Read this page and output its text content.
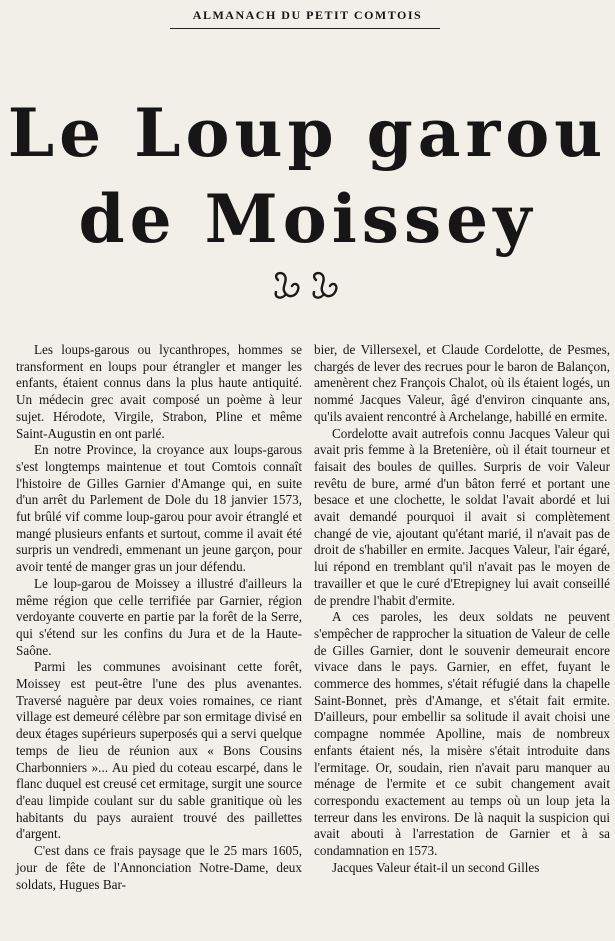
ALMANACH DU PETIT COMTOIS
Le Loup garou
de Moissey

Les loups-garous ou lycanthropes, hommes se transforment en loups pour étrangler et manger les enfants, étaient connus dans la plus haute antiquité. Un médecin grec avait composé un poème à leur sujet. Hérodote, Virgile, Strabon, Pline et même Saint-Augustin en ont parlé.

En notre Province, la croyance aux loups-garous s'est longtemps maintenue et tout Comtois connaît l'histoire de Gilles Garnier d'Amange qui, en suite d'un arrêt du Parlement de Dole du 18 janvier 1573, fut brûlé vif comme loup-garou pour avoir étranglé et mangé plusieurs enfants et surtout, comme il avait été surpris un vendredi, emmenant un jeune garçon, pour avoir tenté de manger gras un jour défendu.

Le loup-garou de Moissey a illustré d'ailleurs la même région que celle terrifiée par Garnier, région verdoyante couverte en partie par la forêt de la Serre, qui s'étend sur les confins du Jura et de la Haute-Saône.

Parmi les communes avoisinant cette forêt, Moissey est peut-être l'une des plus avenantes. Traversé naguère par deux voies romaines, ce riant village est demeuré célèbre par son ermitage divisé en deux étages supérieurs superposés qui a servi quelque temps de lieu de réunion aux « Bons Cousins Charbonniers »... Au pied du coteau escarpé, dans le flanc duquel est creusé cet ermitage, surgit une source d'eau limpide coulant sur du sable granitique où les habitants du pays auraient trouvé des paillettes d'argent.

C'est dans ce frais paysage que le 25 mars 1605, jour de fête de l'Annonciation Notre-Dame, deux soldats, Hugues Bar-

bier, de Villersexel, et Claude Cordelotte, de Pesmes, chargés de lever des recrues pour le baron de Balançon, amenèrent chez François Chalot, où ils étaient logés, un nommé Jacques Valeur, âgé d'environ cinquante ans, qu'ils avaient rencontré à Archelange, habillé en ermite.

Cordelotte avait autrefois connu Jacques Valeur qui avait pris femme à la Bretenière, où il était tourneur et faisait des boules de quilles. Surpris de voir Valeur revêtu de bure, armé d'un bâton ferré et portant une besace et une clochette, le soldat l'avait abordé et lui avait demandé pourquoi il avait si complètement changé de vie, ajoutant qu'étant marié, il n'avait pas de droit de s'habiller en ermite. Jacques Valeur, l'air égaré, lui répond en tremblant qu'il n'avait pas le moyen de travailler et que le curé d'Etrepigney lui avait conseillé de prendre l'habit d'ermite.

A ces paroles, les deux soldats ne peuvent s'empêcher de rapprocher la situation de Valeur de celle de Gilles Garnier, dont le souvenir demeurait encore vivace dans le pays. Garnier, en effet, fuyant le commerce des hommes, s'était réfugié dans la chapelle Saint-Bonnet, près d'Amange, et s'était fait ermite. D'ailleurs, pour embellir sa solitude il avait choisi une compagne nommée Apolline, mais de nombreux enfants étaient nés, la misère s'était introduite dans l'ermitage. Or, soudain, rien n'avait paru manquer au ménage de l'ermite et ce subit changement avait correspondu exactement au temps où un loup jeta la terreur dans les environs. De là naquit la suspicion qui avait abouti à l'arrestation de Garnier et à sa condamnation en 1573.

Jacques Valeur était-il un second Gilles
